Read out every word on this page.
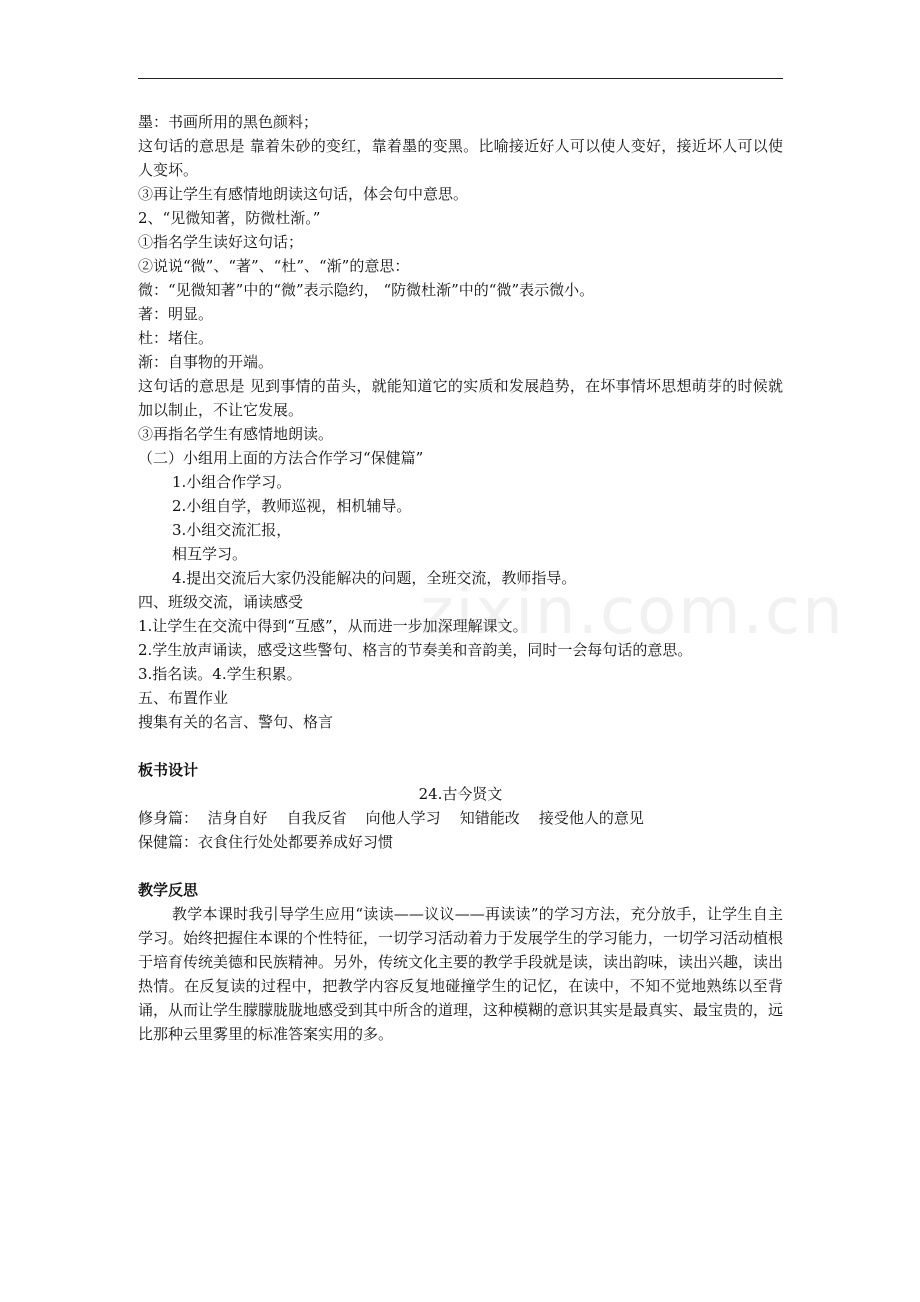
墨：书画所用的黑色颜料；
这句话的意思是 靠着朱砂的变红，靠着墨的变黑。比喻接近好人可以使人变好，接近坏人可以使人变坏。
③再让学生有感情地朗读这句话，体会句中意思。
2、“见微知著，防微杜渐。”
①指名学生读好这句话；
②说说“微”、“著”、“杜”、“渐”的意思：
微：“见微知著”中的“微”表示隐约， “防微杜渐”中的“微”表示微小。
著：明显。
杜：堵住。
渐：自事物的开端。
这句话的意思是 见到事情的苗头，就能知道它的实质和发展趋势，在坏事情坏思想萌芽的时候就加以制止，不让它发展。
③再指名学生有感情地朗读。
（二）小组用上面的方法合作学习“保健篇”
1.小组合作学习。
2.小组自学，教师巡视，相机辅导。
3.小组交流汇报，
相互学习。
4.提出交流后大家仍没能解决的问题，全班交流，教师指导。
四、班级交流，诵读感受
1.让学生在交流中得到“互感”，从而进一步加深理解课文。
2.学生放声诵读，感受这些警句、格言的节奏美和音韵美，同时一会每句话的意思。
3.指名读。4.学生积累。
五、布置作业
搜集有关的名言、警句、格言
板书设计
24.古今贤文
修身篇：  洁身自好    自我反省    向他人学习    知错能改    接受他人的意见
保健篇：衣食住行处处都要养成好习惯
教学反思
教学本课时我引导学生应用“读读——议议——再读读”的学习方法，充分放手，让学生自主学习。始终把握住本课的个性特征，一切学习活动着力于发展学生的学习能力，一切学习活动植根于培育传统美德和民族精神。另外，传统文化主要的教学手段就是读，读出韵味，读出兴趣，读出热情。在反复读的过程中，把教学内容反复地碰撞学生的记忆，在读中，不知不觉地熟练以至背诵，从而让学生朦朦胧胧地感受到其中所含的道理，这种模糊的意识其实是最真实、最宝贵的，远比那种云里雾里的标准答案实用的多。
zixin.com.cn
